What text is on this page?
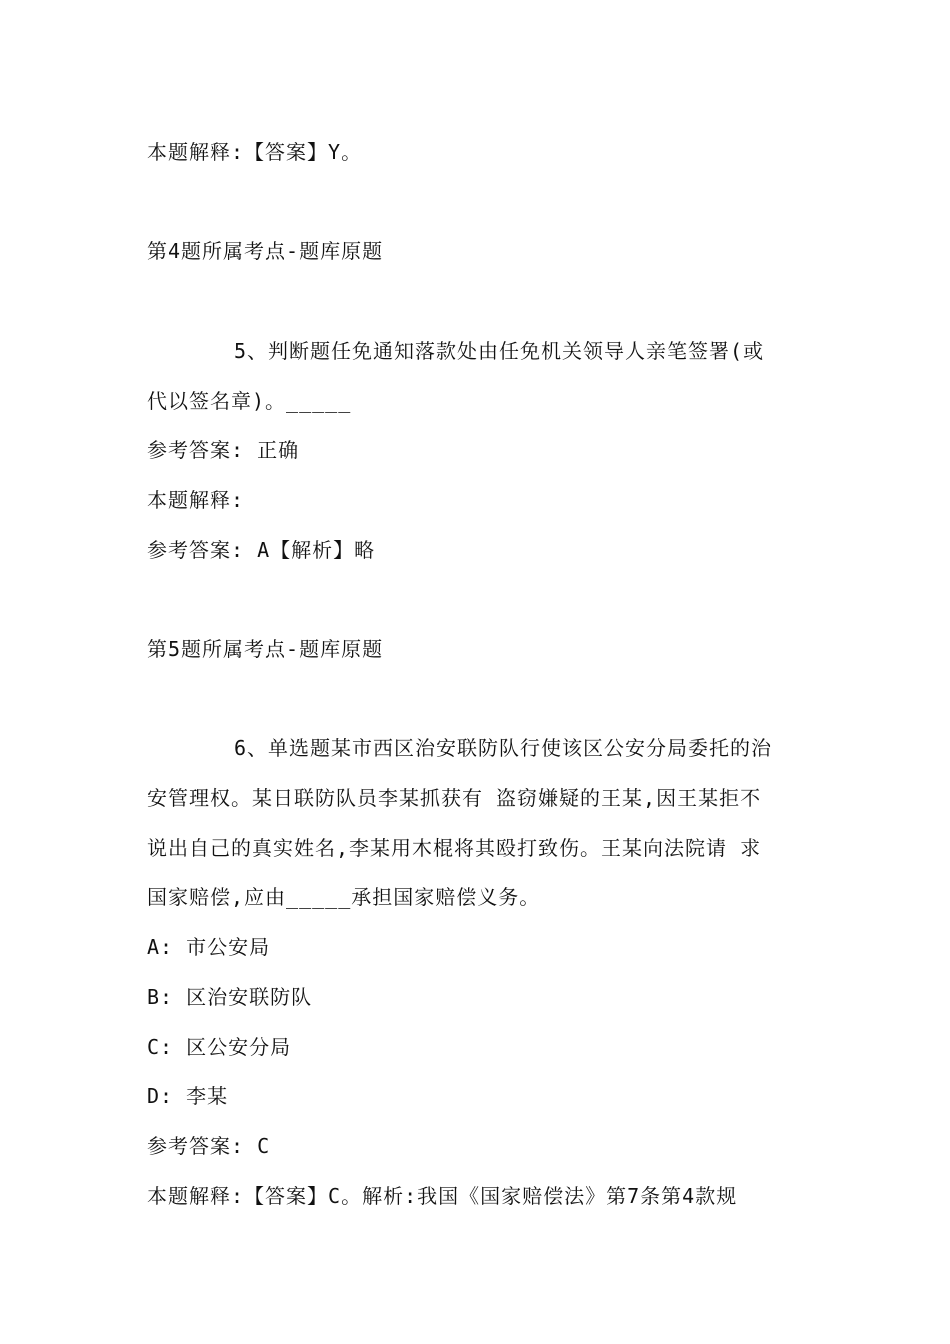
本题解释:【答案】Y。
第4题所属考点-题库原题
5、判断题任免通知落款处由任免机关领导人亲笔签署(或
代以签名章)。_____
参考答案: 正确
本题解释:
参考答案: A【解析】略
第5题所属考点-题库原题
6、单选题某市西区治安联防队行使该区公安分局委托的治
安管理权。某日联防队员李某抓获有 盗窃嫌疑的王某,因王某拒不
说出自己的真实姓名,李某用木棍将其殴打致伤。王某向法院请 求
国家赔偿,应由_____承担国家赔偿义务。
A: 市公安局
B: 区治安联防队
C: 区公安分局
D: 李某
参考答案: C
本题解释:【答案】C。解析:我国《国家赔偿法》第7条第4款规
